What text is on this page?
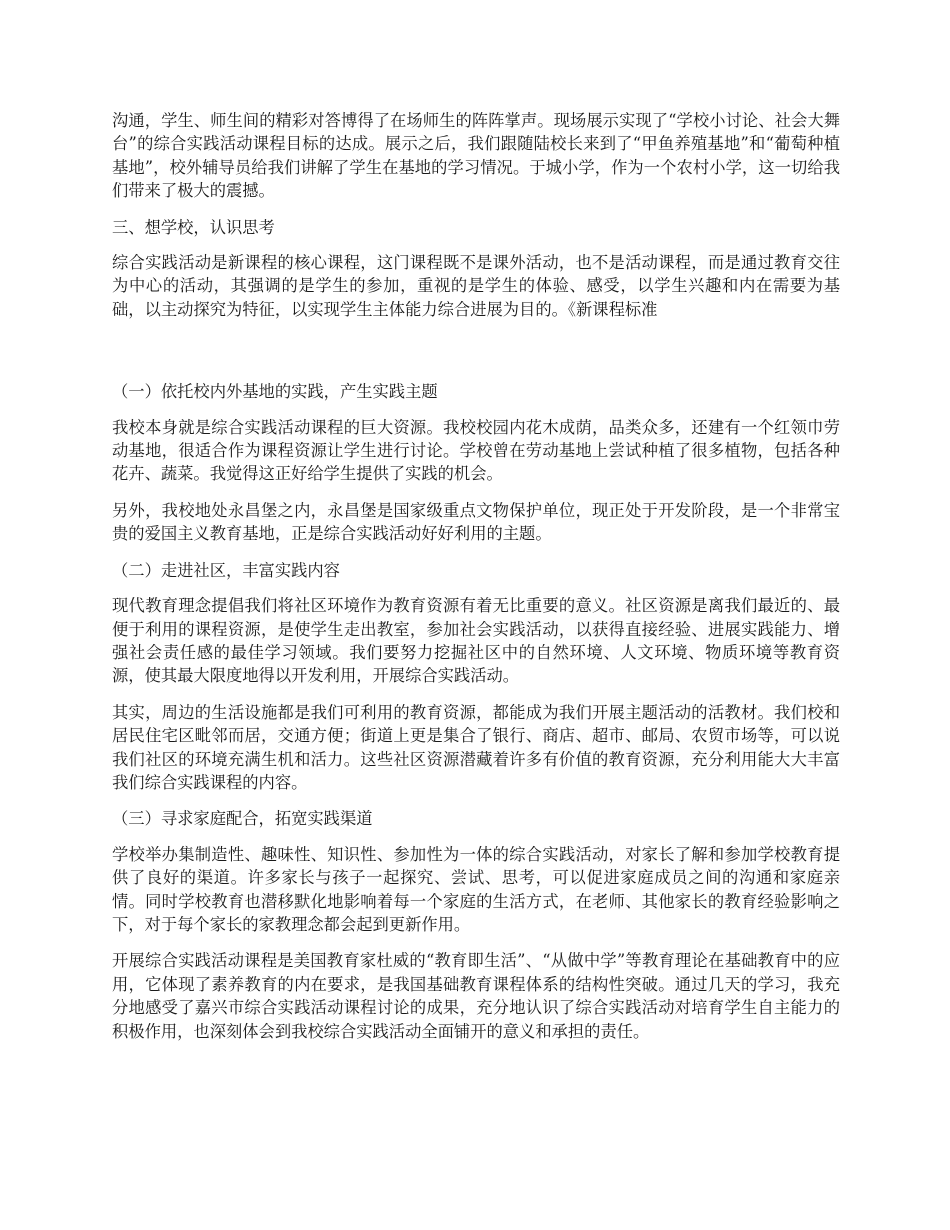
沟通，学生、师生间的精彩对答博得了在场师生的阵阵掌声。现场展示实现了“学校小讨论、社会大舞台”的综合实践活动课程目标的达成。展示之后，我们跟随陆校长来到了“甲鱼养殖基地”和“葡萄种植基地”，校外辅导员给我们讲解了学生在基地的学习情况。于城小学，作为一个农村小学，这一切给我们带来了极大的震撼。

三、想学校，认识思考

综合实践活动是新课程的核心课程，这门课程既不是课外活动，也不是活动课程，而是通过教育交往为中心的活动，其强调的是学生的参加，重视的是学生的体验、感受，以学生兴趣和内在需要为基础，以主动探究为特征，以实现学生主体能力综合进展为目的。《新课程标准

（一）依托校内外基地的实践，产生实践主题

我校本身就是综合实践活动课程的巨大资源。我校校园内花木成荫，品类众多，还建有一个红领巾劳动基地，很适合作为课程资源让学生进行讨论。学校曾在劳动基地上尝试种植了很多植物，包括各种花卉、蔬菜。我觉得这正好给学生提供了实践的机会。

另外，我校地处永昌堡之内，永昌堡是国家级重点文物保护单位，现正处于开发阶段，是一个非常宝贵的爱国主义教育基地，正是综合实践活动好好利用的主题。

（二）走进社区，丰富实践内容

现代教育理念提倡我们将社区环境作为教育资源有着无比重要的意义。社区资源是离我们最近的、最便于利用的课程资源，是使学生走出教室，参加社会实践活动，以获得直接经验、进展实践能力、增强社会责任感的最佳学习领域。我们要努力挖掘社区中的自然环境、人文环境、物质环境等教育资源，使其最大限度地得以开发利用，开展综合实践活动。

其实，周边的生活设施都是我们可利用的教育资源，都能成为我们开展主题活动的活教材。我们校和居民住宅区毗邻而居，交通方便；街道上更是集合了银行、商店、超市、邮局、农贸市场等，可以说我们社区的环境充满生机和活力。这些社区资源潜藏着许多有价值的教育资源，充分利用能大大丰富我们综合实践课程的内容。

（三）寻求家庭配合，拓宽实践渠道

学校举办集制造性、趣味性、知识性、参加性为一体的综合实践活动，对家长了解和参加学校教育提供了良好的渠道。许多家长与孩子一起探究、尝试、思考，可以促进家庭成员之间的沟通和家庭亲情。同时学校教育也潜移默化地影响着每一个家庭的生活方式，在老师、其他家长的教育经验影响之下，对于每个家长的家教理念都会起到更新作用。

开展综合实践活动课程是美国教育家杜威的“教育即生活”、“从做中学”等教育理论在基础教育中的应用，它体现了素养教育的内在要求，是我国基础教育课程体系的结构性突破。通过几天的学习，我充分地感受了嘉兴市综合实践活动课程讨论的成果，充分地认识了综合实践活动对培育学生自主能力的积极作用，也深刻体会到我校综合实践活动全面铺开的意义和承担的责任。
